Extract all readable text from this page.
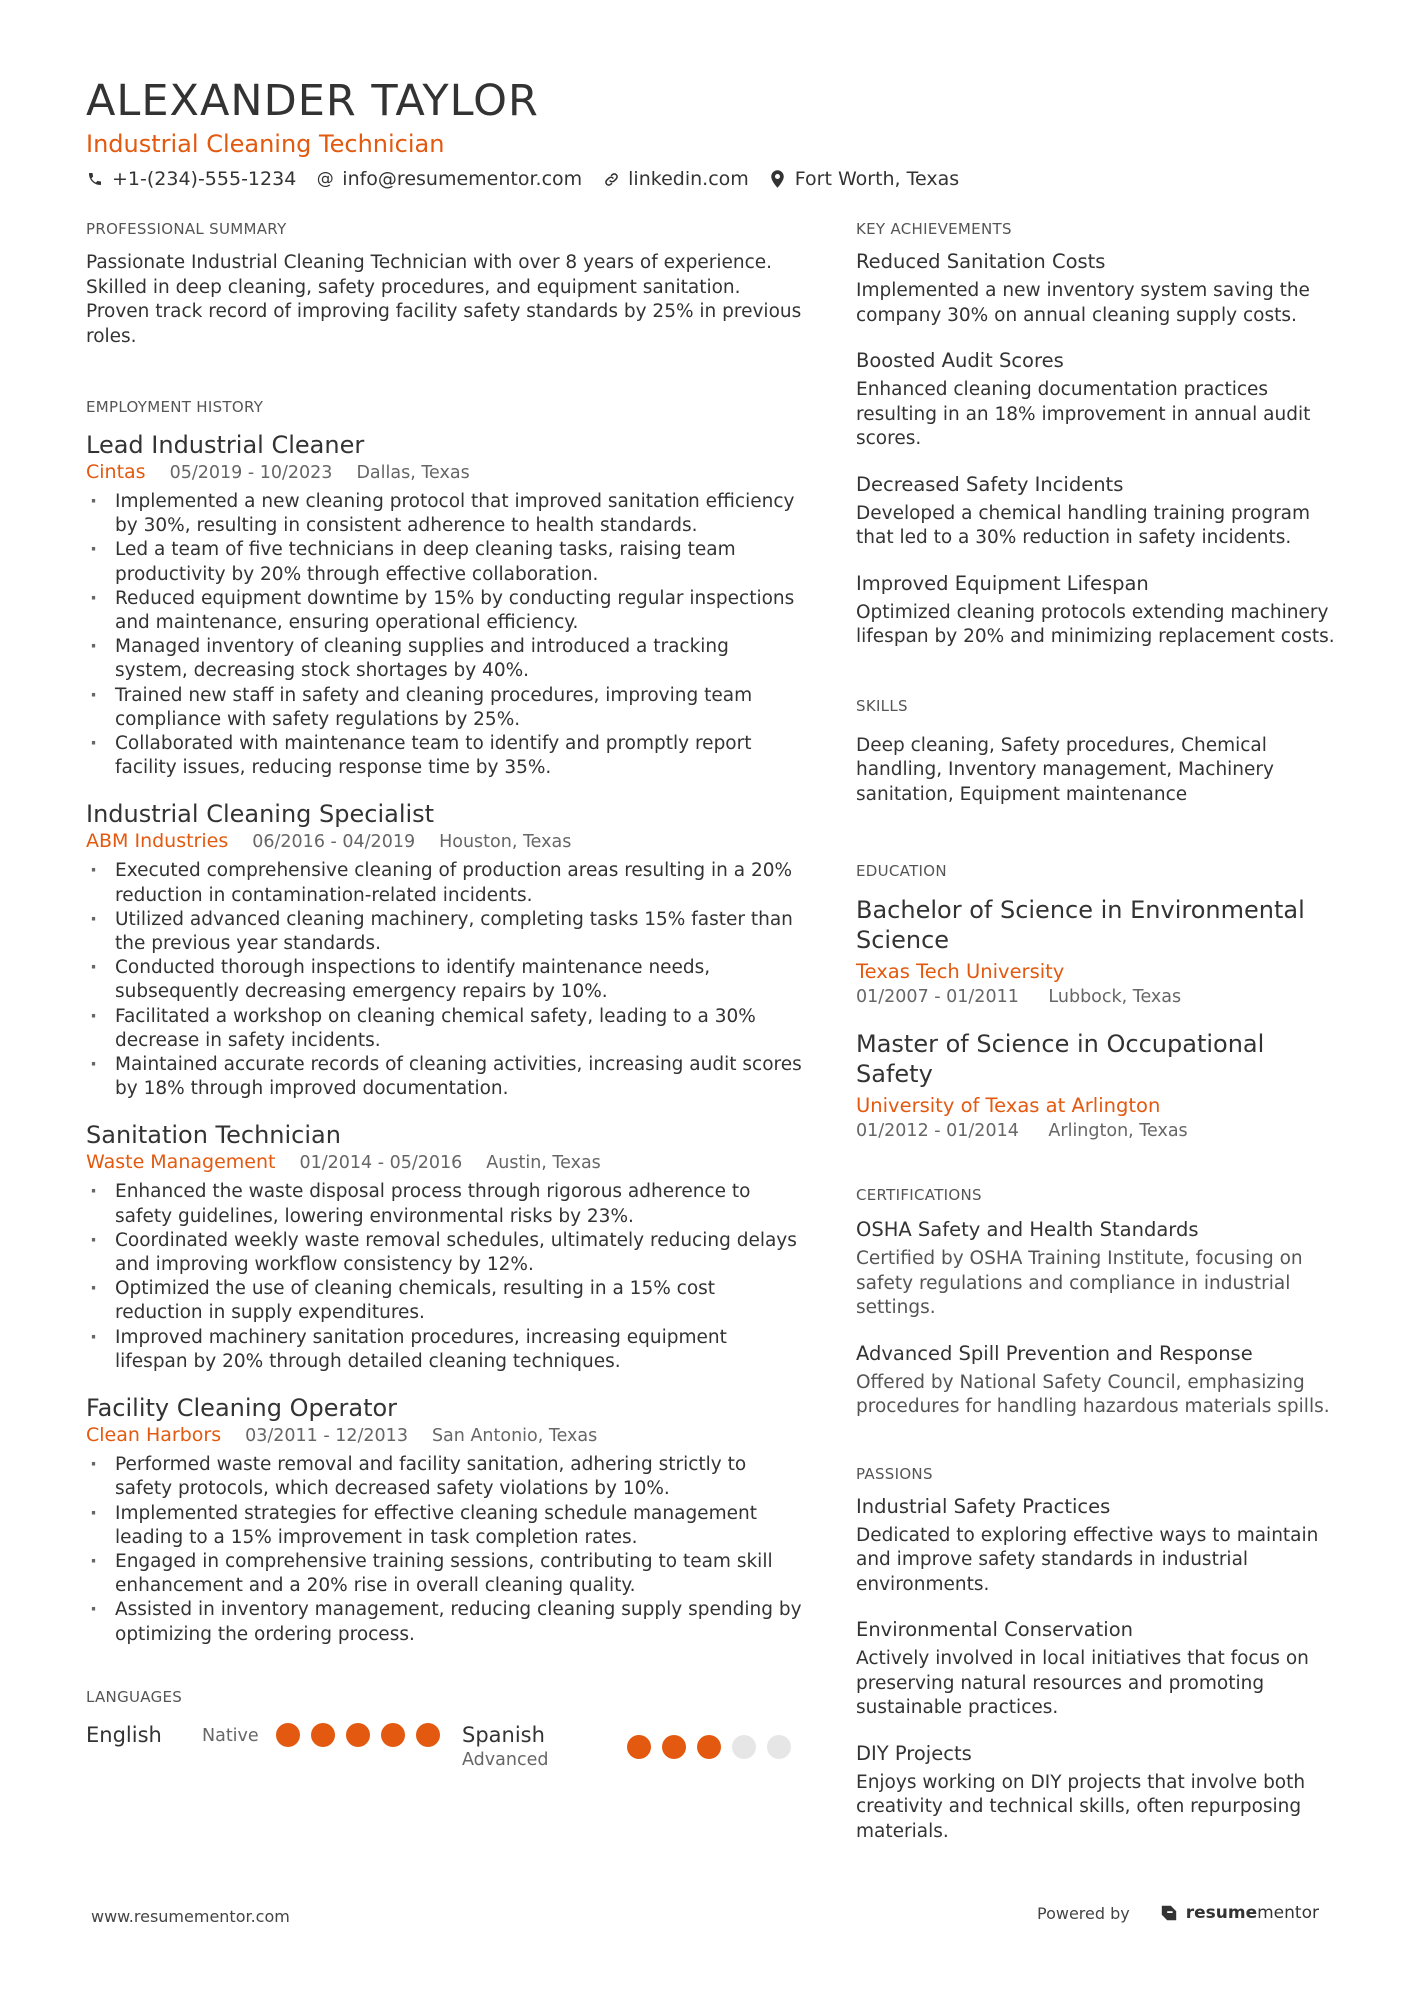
ALEXANDER TAYLOR
Industrial Cleaning Technician
+1-(234)-555-1234 @ info@resumementor.com linkedin.com Fort Worth, Texas
PROFESSIONAL SUMMARY
Passionate Industrial Cleaning Technician with over 8 years of experience. Skilled in deep cleaning, safety procedures, and equipment sanitation. Proven track record of improving facility safety standards by 25% in previous roles.
EMPLOYMENT HISTORY
Lead Industrial Cleaner
Cintas 05/2019 - 10/2023 Dallas, Texas
· Implemented a new cleaning protocol that improved sanitation efficiency by 30%, resulting in consistent adherence to health standards.
· Led a team of five technicians in deep cleaning tasks, raising team productivity by 20% through effective collaboration.
· Reduced equipment downtime by 15% by conducting regular inspections and maintenance, ensuring operational efficiency.
· Managed inventory of cleaning supplies and introduced a tracking system, decreasing stock shortages by 40%.
· Trained new staff in safety and cleaning procedures, improving team compliance with safety regulations by 25%.
· Collaborated with maintenance team to identify and promptly report facility issues, reducing response time by 35%.
Industrial Cleaning Specialist
ABM Industries 06/2016 - 04/2019 Houston, Texas
· Executed comprehensive cleaning of production areas resulting in a 20% reduction in contamination-related incidents.
· Utilized advanced cleaning machinery, completing tasks 15% faster than the previous year standards.
· Conducted thorough inspections to identify maintenance needs, subsequently decreasing emergency repairs by 10%.
· Facilitated a workshop on cleaning chemical safety, leading to a 30% decrease in safety incidents.
· Maintained accurate records of cleaning activities, increasing audit scores by 18% through improved documentation.
Sanitation Technician
Waste Management 01/2014 - 05/2016 Austin, Texas
· Enhanced the waste disposal process through rigorous adherence to safety guidelines, lowering environmental risks by 23%.
· Coordinated weekly waste removal schedules, ultimately reducing delays and improving workflow consistency by 12%.
· Optimized the use of cleaning chemicals, resulting in a 15% cost reduction in supply expenditures.
· Improved machinery sanitation procedures, increasing equipment lifespan by 20% through detailed cleaning techniques.
Facility Cleaning Operator
Clean Harbors 03/2011 - 12/2013 San Antonio, Texas
· Performed waste removal and facility sanitation, adhering strictly to safety protocols, which decreased safety violations by 10%.
· Implemented strategies for effective cleaning schedule management leading to a 15% improvement in task completion rates.
· Engaged in comprehensive training sessions, contributing to team skill enhancement and a 20% rise in overall cleaning quality.
· Assisted in inventory management, reducing cleaning supply spending by optimizing the ordering process.
LANGUAGES
English	Native	Spanish
Advanced
KEY ACHIEVEMENTS
Reduced Sanitation Costs
Implemented a new inventory system saving the company 30% on annual cleaning supply costs.
Boosted Audit Scores
Enhanced cleaning documentation practices resulting in an 18% improvement in annual audit scores.
Decreased Safety Incidents
Developed a chemical handling training program that led to a 30% reduction in safety incidents.
Improved Equipment Lifespan
Optimized cleaning protocols extending machinery lifespan by 20% and minimizing replacement costs.
SKILLS
Deep cleaning, Safety procedures, Chemical handling, Inventory management, Machinery sanitation, Equipment maintenance
EDUCATION
Bachelor of Science in Environmental Science
Texas Tech University
01/2007 - 01/2011 Lubbock, Texas
Master of Science in Occupational Safety
University of Texas at Arlington
01/2012 - 01/2014 Arlington, Texas
CERTIFICATIONS
OSHA Safety and Health Standards
Certified by OSHA Training Institute, focusing on safety regulations and compliance in industrial settings.
Advanced Spill Prevention and Response
Offered by National Safety Council, emphasizing procedures for handling hazardous materials spills.
PASSIONS
Industrial Safety Practices
Dedicated to exploring effective ways to maintain and improve safety standards in industrial environments.
Environmental Conservation
Actively involved in local initiatives that focus on preserving natural resources and promoting sustainable practices.
DIY Projects
Enjoys working on DIY projects that involve both creativity and technical skills, often repurposing materials.
www.resumementor.com	Powered by	resume mentor
